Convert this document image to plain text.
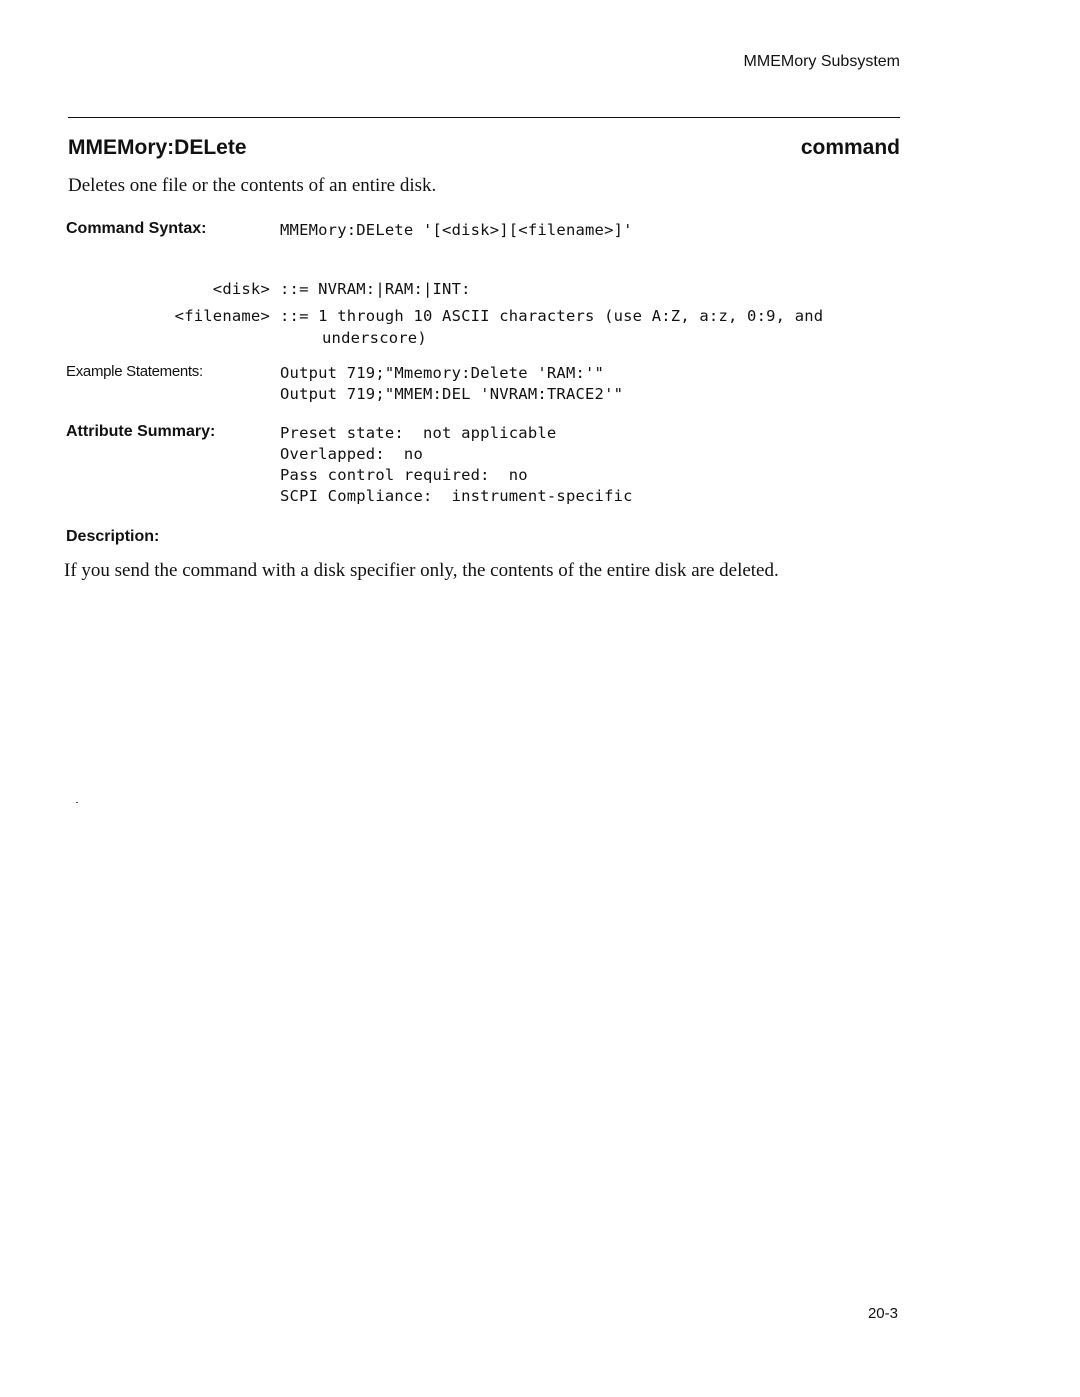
MMEMory Subsystem
MMEMory:DELete	command
Deletes one file or the contents of an entire disk.
Command Syntax:	MMEMory:DELete '[<disk>][<filename>]'
<disk> ::= NVRAM:|RAM:|INT:
<filename> ::= 1 through 10 ASCII characters (use A:Z, a:z, 0:9, and
underscore)
Example Statements:	Output 719;"Mmemory:Delete 'RAM:'"
Output 719;"MMEM:DEL 'NVRAM:TRACE2'"
Attribute Summary:	Preset state:  not applicable
Overlapped:  no
Pass control required:  no
SCPI Compliance:  instrument-specific
Description:
If you send the command with a disk specifier only, the contents of the entire disk are deleted.
20-3
